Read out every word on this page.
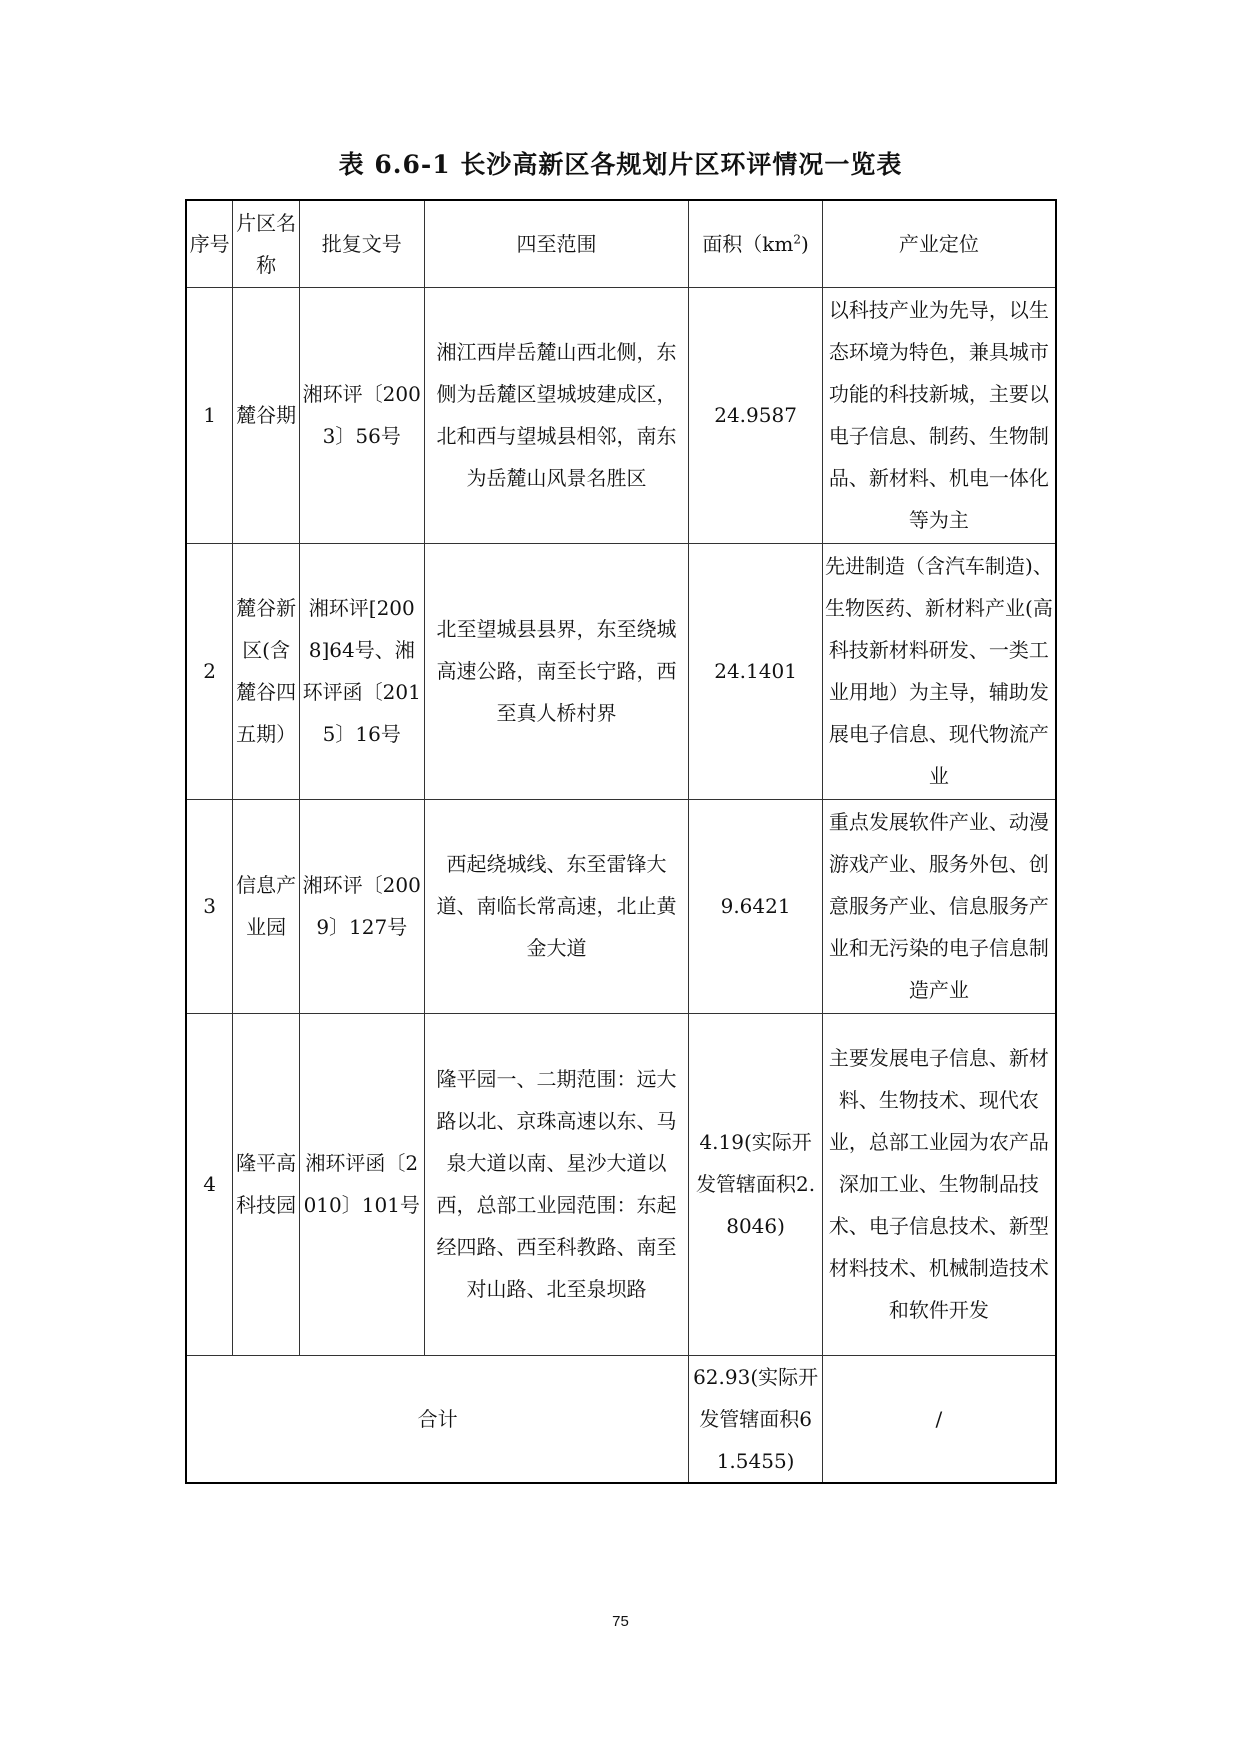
表 6.6-1 长沙高新区各规划片区环评情况一览表
序号	片区名称	批复文号	四至范围	面积$(km^2)$	产业定位
1	麓谷期	湘环评〔2003〕56号	湘江西岸岳麓山西北侧，东侧为岳麓区望城坡建成区，北和西与望城县相邻，南东为岳麓山风景名胜区	24.9587	以科技产业为先导，以生态环境为特色，兼具城市功能的科技新城，主要以电子信息、制药、生物制品、新材料、机电一体化等为主
2	麓谷新区(含麓谷四五期）	湘环评[2008]64号、湘环评函〔2015〕16号	北至望城县县界，东至绕城高速公路，南至长宁路，西至真人桥村界	24.1401	先进制造（含汽车制造)、生物医药、新材料产业(高科技新材料研发、一类工业用地）为主导，辅助发展电子信息、现代物流产业
3	信息产业园	湘环评〔2009〕127号	西起绕城线、东至雷锋大道、南临长常高速，北止黄金大道	9.6421	重点发展软件产业、动漫游戏产业、服务外包、创意服务产业、信息服务产业和无污染的电子信息制造产业
4	隆平高科技园	湘环评函〔2010〕101号	隆平园一、二期范围：远大路以北、京珠高速以东、马泉大道以南、星沙大道以西，总部工业园范围：东起经四路、西至科教路、南至对山路、北至泉坝路	4.19(实际开发管辖面积2.8046)	主要发展电子信息、新材料、生物技术、现代农业，总部工业园为农产品深加工业、生物制品技术、电子信息技术、新型材料技术、机械制造技术和软件开发
合计				62.93(实际开发管辖面积61.5455)	/
75
